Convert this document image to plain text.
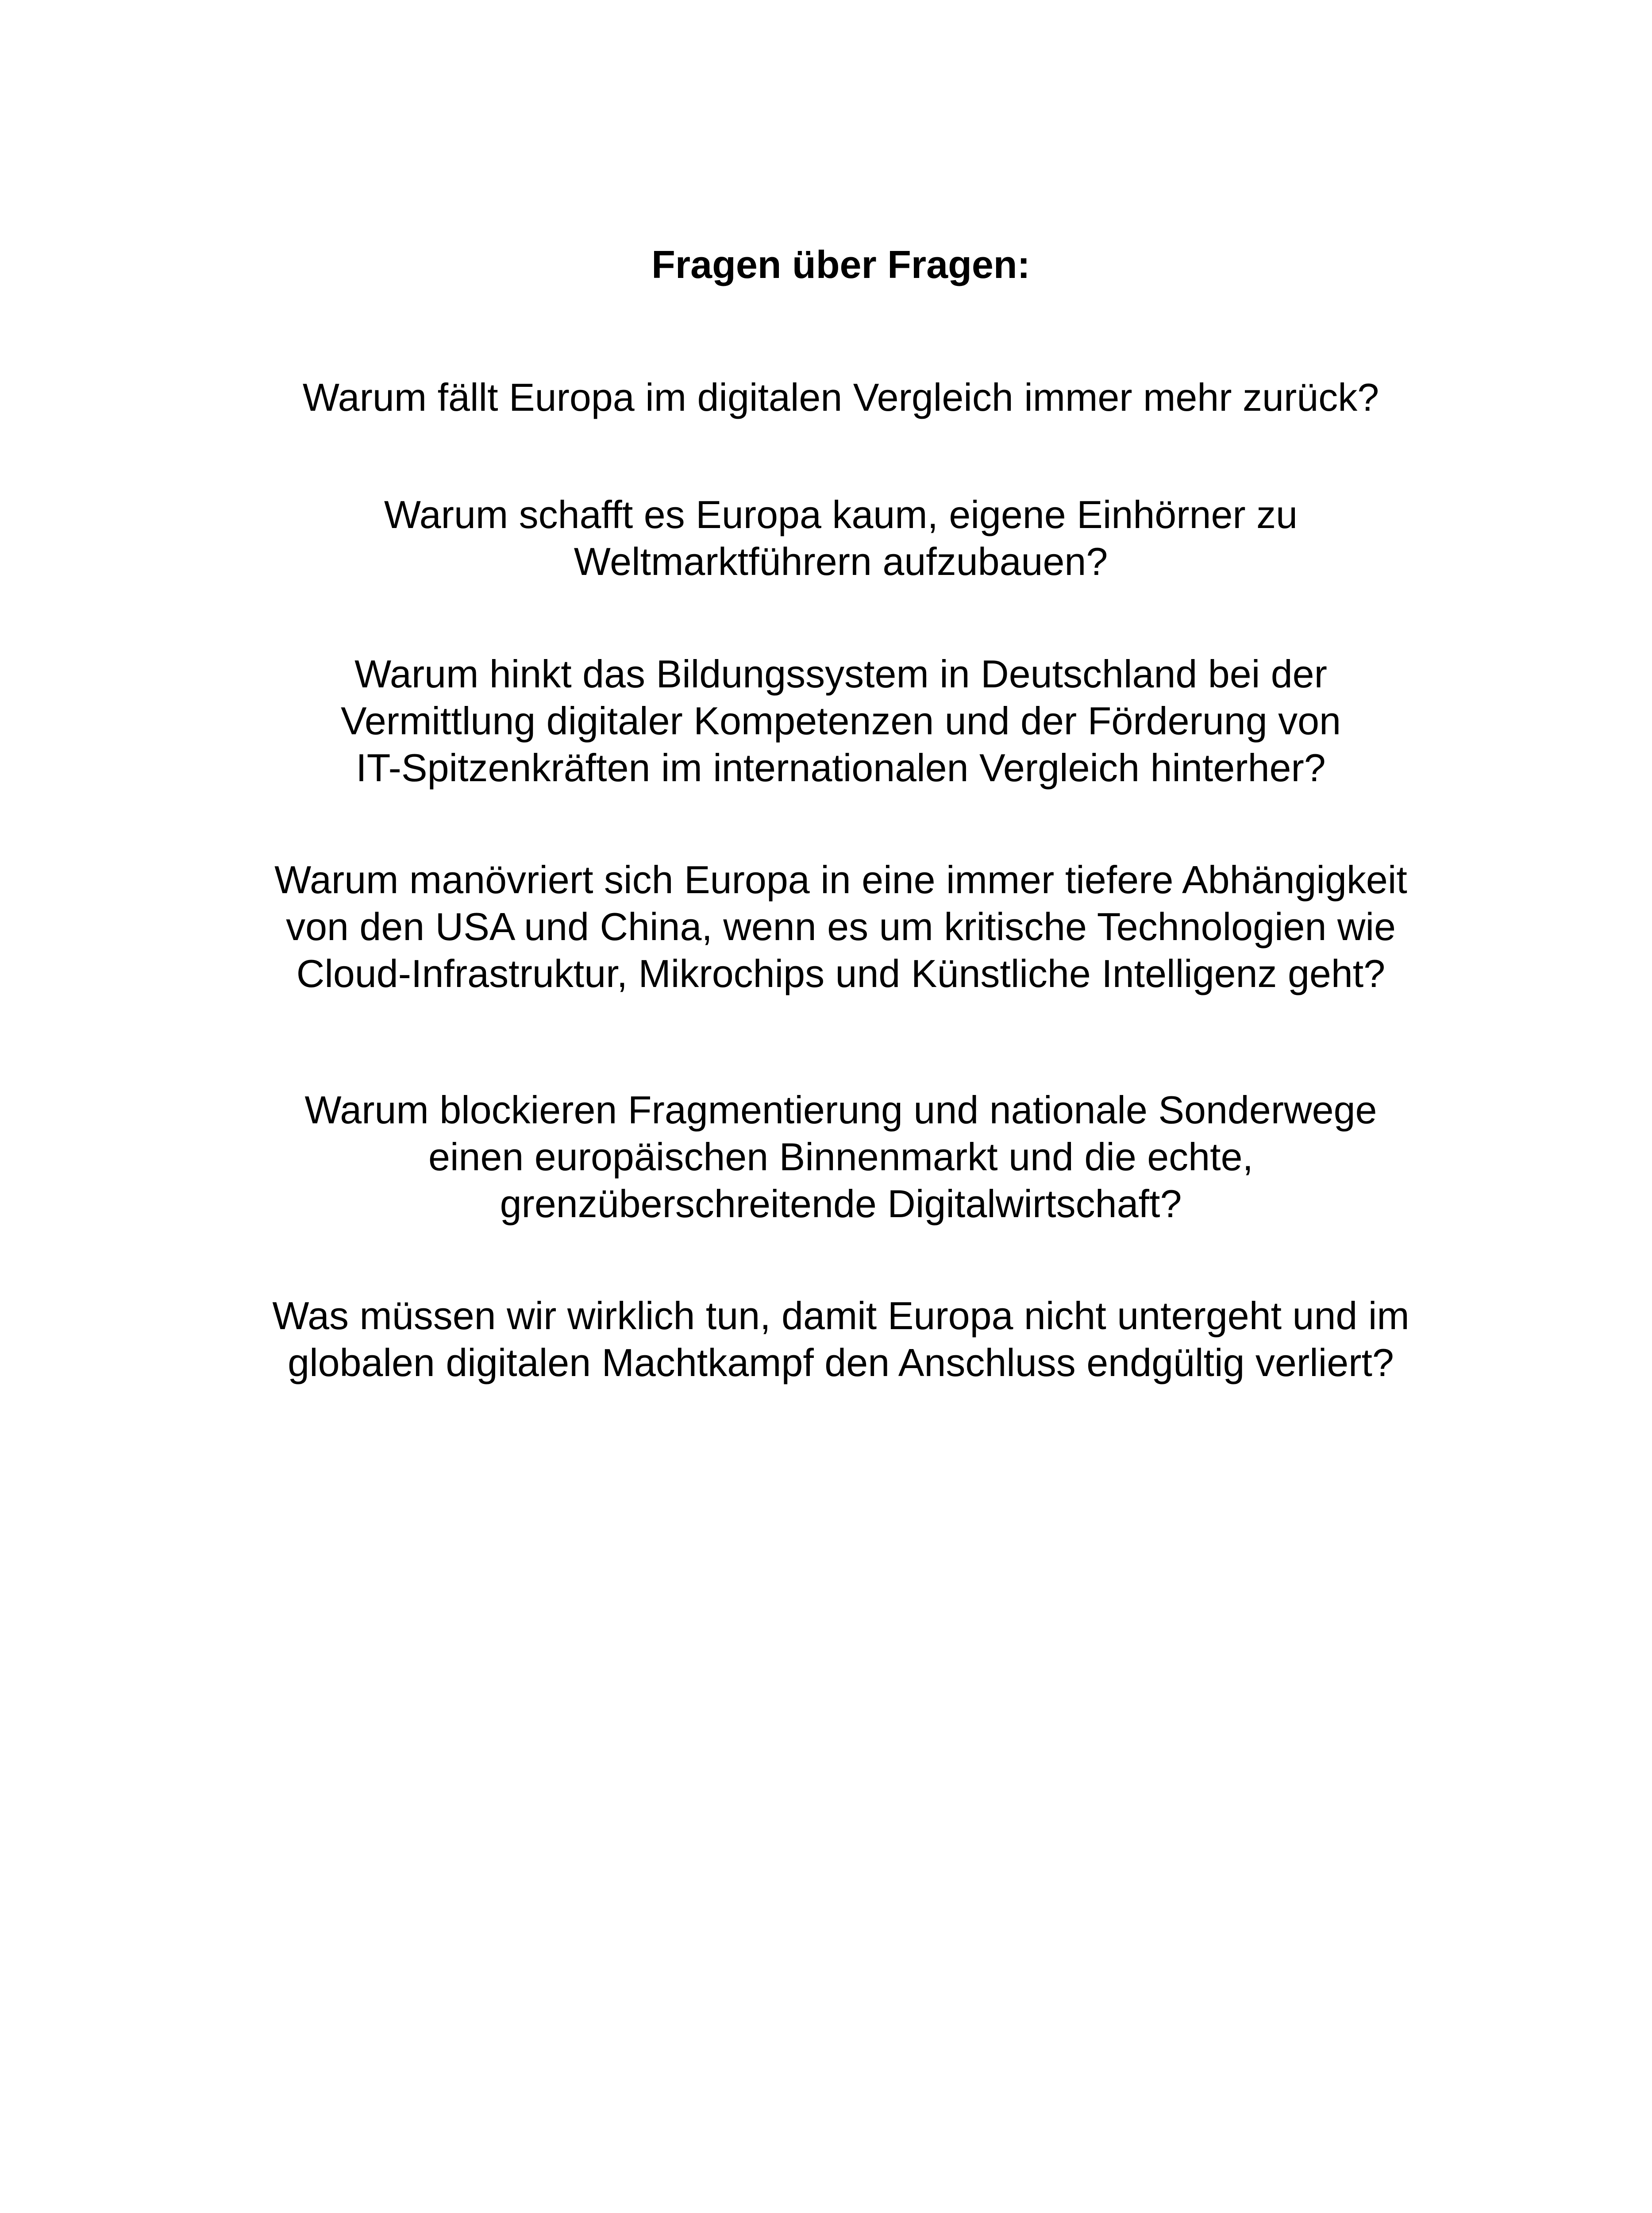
Fragen über Fragen:

Warum fällt Europa im digitalen Vergleich immer mehr zurück?

Warum schafft es Europa kaum, eigene Einhörner zu
Weltmarktführern aufzubauen?

Warum hinkt das Bildungssystem in Deutschland bei der
Vermittlung digitaler Kompetenzen und der Förderung von
IT-Spitzenkräften im internationalen Vergleich hinterher?

Warum manövriert sich Europa in eine immer tiefere Abhängigkeit
von den USA und China, wenn es um kritische Technologien wie
Cloud-Infrastruktur, Mikrochips und Künstliche Intelligenz geht?

Warum blockieren Fragmentierung und nationale Sonderwege
einen europäischen Binnenmarkt und die echte,
grenzüberschreitende Digitalwirtschaft?

Was müssen wir wirklich tun, damit Europa nicht untergeht und im
globalen digitalen Machtkampf den Anschluss endgültig verliert?
